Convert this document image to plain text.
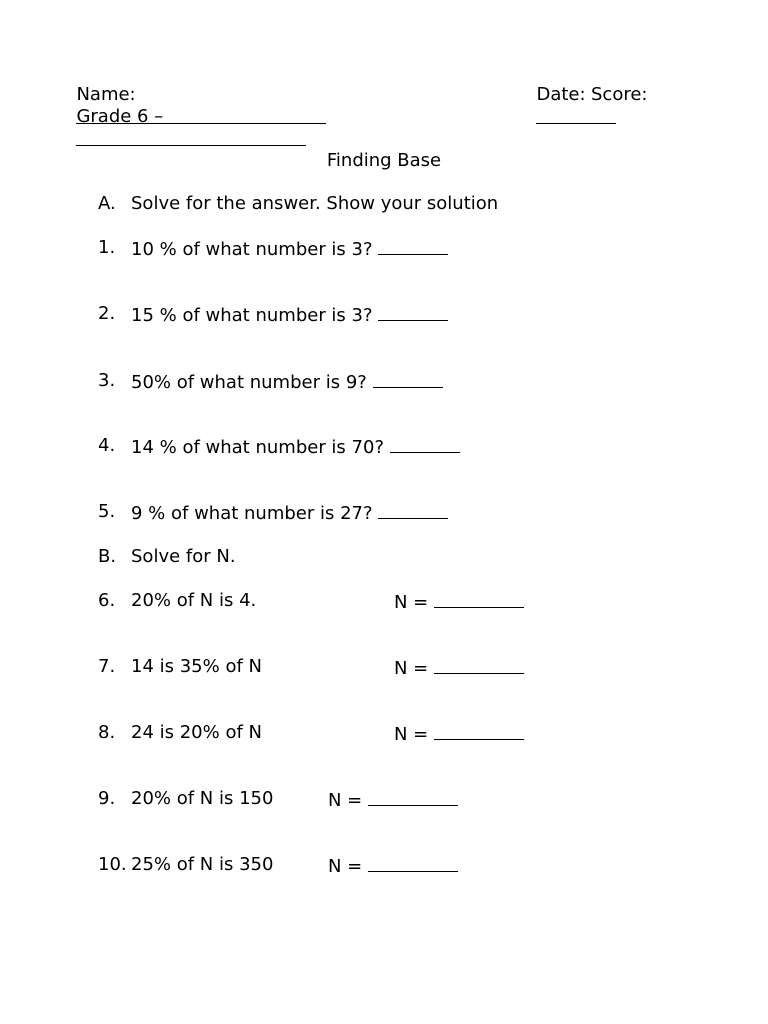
Name:
	Date:

Grade 6 –

Score:

Finding Base
A. Solve for the answer. Show your solution
1. 10 % of what number is 3?
2. 15 % of what number is 3?
3. 50% of what number is 9?
4. 14 % of what number is 70?
5. 9 % of what number is 27?
B. Solve for N.
6. 20% of N is 4.	N =
7. 14 is 35% of N	N =
8. 24 is 20% of N	N =
9. 20% of N is 150	N =
10. 25% of N is 350	N =
